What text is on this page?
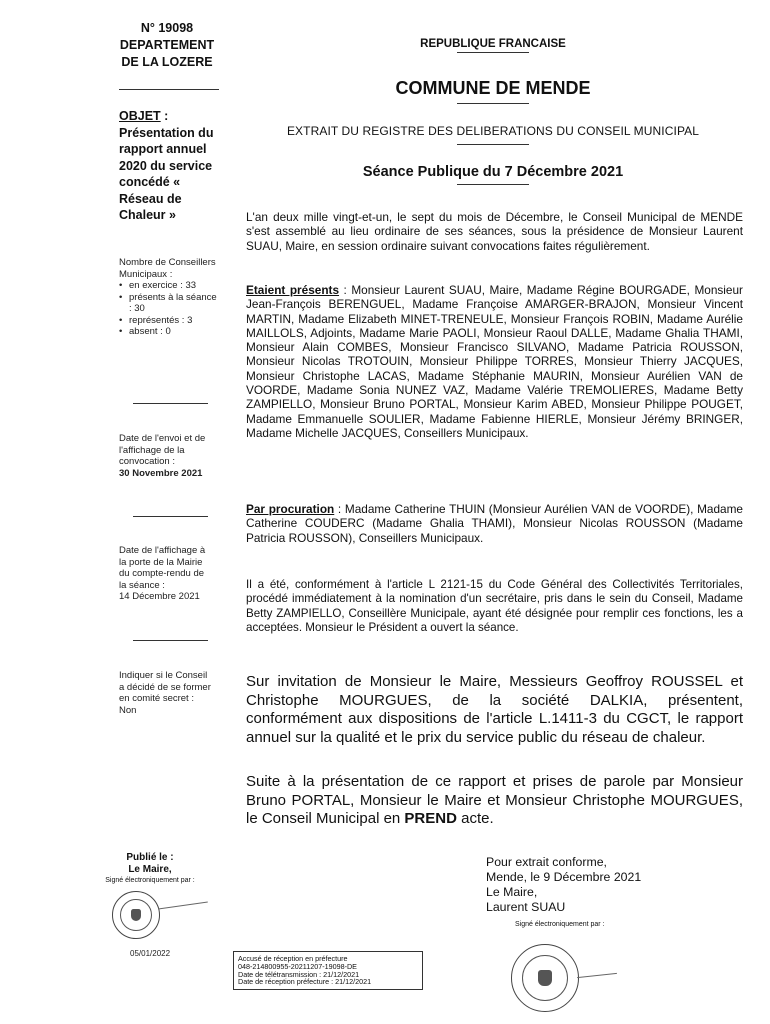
N° 19098
DEPARTEMENT
DE LA LOZERE
OBJET :
Présentation du rapport annuel 2020 du service concédé « Réseau de Chaleur »
Nombre de Conseillers Municipaux :
• en exercice : 33
• présents à la séance : 30
• représentés : 3
• absent : 0
Date de l'envoi et de l'affichage de la convocation :
30 Novembre 2021
Date de l'affichage à la porte de la Mairie du compte-rendu de la séance :
14 Décembre 2021
Indiquer si le Conseil a décidé de se former en comité secret :
Non
REPUBLIQUE FRANCAISE
COMMUNE DE MENDE
EXTRAIT DU REGISTRE DES DELIBERATIONS DU CONSEIL MUNICIPAL
Séance Publique du 7 Décembre 2021
L'an deux mille vingt-et-un, le sept du mois de Décembre, le Conseil Municipal de MENDE s'est assemblé au lieu ordinaire de ses séances, sous la présidence de Monsieur Laurent SUAU, Maire, en session ordinaire suivant convocations faites régulièrement.
Etaient présents : Monsieur Laurent SUAU, Maire, Madame Régine BOURGADE, Monsieur Jean-François BERENGUEL, Madame Françoise AMARGER-BRAJON, Monsieur Vincent MARTIN, Madame Elizabeth MINET-TRENEULE, Monsieur François ROBIN, Madame Aurélie MAILLOLS, Adjoints, Madame Marie PAOLI, Monsieur Raoul DALLE, Madame Ghalia THAMI, Monsieur Alain COMBES, Monsieur Francisco SILVANO, Madame Patricia ROUSSON, Monsieur Nicolas TROTOUIN, Monsieur Philippe TORRES, Monsieur Thierry JACQUES, Monsieur Christophe LACAS, Madame Stéphanie MAURIN, Monsieur Aurélien VAN de VOORDE, Madame Sonia NUNEZ VAZ, Madame Valérie TREMOLIERES, Madame Betty ZAMPIELLO, Monsieur Bruno PORTAL, Monsieur Karim ABED, Monsieur Philippe POUGET, Madame Emmanuelle SOULIER, Madame Fabienne HIERLE, Monsieur Jérémy BRINGER, Madame Michelle JACQUES, Conseillers Municipaux.
Par procuration : Madame Catherine THUIN (Monsieur Aurélien VAN de VOORDE), Madame Catherine COUDERC (Madame Ghalia THAMI), Monsieur Nicolas ROUSSON (Madame Patricia ROUSSON), Conseillers Municipaux.
Il a été, conformément à l'article L 2121-15 du Code Général des Collectivités Territoriales, procédé immédiatement à la nomination d'un secrétaire, pris dans le sein du Conseil, Madame Betty ZAMPIELLO, Conseillère Municipale, ayant été désignée pour remplir ces fonctions, les a acceptées. Monsieur le Président a ouvert la séance.
Sur invitation de Monsieur le Maire, Messieurs Geoffroy ROUSSEL et Christophe MOURGUES, de la société DALKIA, présentent, conformément aux dispositions de l'article L.1411-3 du CGCT, le rapport annuel sur la qualité et le prix du service public du réseau de chaleur.
Suite à la présentation de ce rapport et prises de parole par Monsieur Bruno PORTAL, Monsieur le Maire et Monsieur Christophe MOURGUES, le Conseil Municipal en PREND acte.
Publié le :
Le Maire,
Signé électroniquement par :
05/01/2022
Pour extrait conforme,
Mende, le 9 Décembre 2021
Le Maire,
Laurent SUAU
Signé électroniquement par :
Accusé de réception en préfecture
048-214800955-20211207-19098-DE
Date de télétransmission : 21/12/2021
Date de réception préfecture : 21/12/2021
